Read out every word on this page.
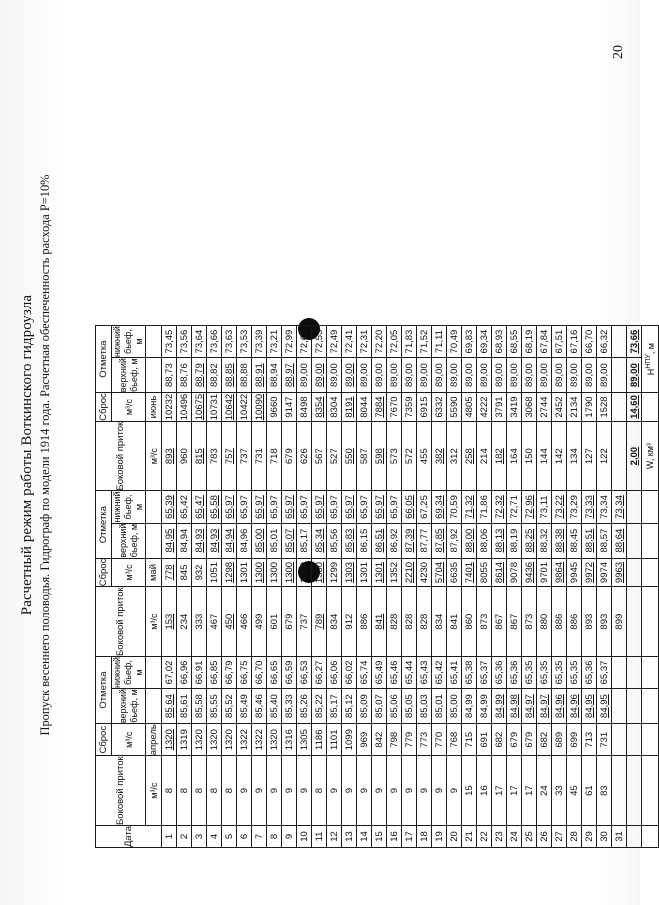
20
Расчетный режим работы Воткинского гидроузла Пропуск весеннего половодья. Гидрограф по модели 1914 года. Расчетная обеспеченность расхода P=10%
Дата	Боковой приток	Сброс	Отметка		Боковой приток	Сброс	Отметка		Боковой приток	Сброс	Отметка	
		м³/с	верхний бьеф, м	нижний бьеф, м		м³/с	верхний бьеф, м	нижний бьеф, м		м³/с	верхний бьеф, м	нижний бьеф, м
	м³/с	апрель			м³/с	май			м³/с	июнь		
1	8	1320	85,64	67,02	153	778	84,95	65,39	893	10232	88,73	73,45
2	8	1319	85,61	66,96	234	845	84,94	65,42	960	10496	88,76	73,56
3	8	1320	85,58	66,91	333	932	84,93	65,47	815	10675	88,79	73,64
4	8	1320	85,55	66,85	467	1051	84,93	65,58	783	10731	88,82	73,66
5	8	1320	85,52	66,79	450	1298	84,94	65,97	757	10642	88,85	73,63
6	9	1322	85,49	66,75	466	1301	84,96	65,97	737	10422	88,88	73,53
7	9	1322	85,46	66,70	499	1300	85,00	65,97	731	10090	88,91	73,39
8	9	1320	85,40	66,65	601	1300	85,01	65,97	718	9660	88,94	73,21
9	9	1316	85,33	66,59	679	1300	85,07	65,97	679	9147	88,97	72,99
10	9	1305	85,26	66,53	737	1300	85,17	65,97	626	8498	89,00	72,63
11	8	1186	85,22	66,27	789	1300	85,34	65,97	567	8354	89,00	72,53
12	9	1101	85,17	66,06	834	1299	85,56	65,97	527	8304	89,00	72,49
13	9	1099	85,12	66,02	912	1303	85,83	65,97	550	8191	89,00	72,41
14	9	969	85,09	65,74	886	1301	86,15	65,97	587	8044	89,00	72,31
15	9	842	85,07	65,49	841	1301	86,51	65,97	598	7884	89,00	72,20
16	9	798	85,06	65,46	828	1352	86,92	65,97	573	7670	89,00	72,05
17	9	779	85,05	65,44	828	2210	87,39	66,05	572	7359	89,00	71,83
18	9	773	85,03	65,43	828	4230	87,77	67,25	455	6915	89,00	71,52
19	9	770	85,01	65,42	834	5704	87,85	69,34	382	6332	89,00	71,11
20	9	768	85,00	65,41	841	6635	87,92	70,59	312	5590	89,00	70,49
21	15	715	84,99	65,38	860	7401	88,00	71,32	258	4805	89,00	69,83
22	16	691	84,99	65,37	873	8055	88,06	71,86	214	4222	89,00	69,34
23	17	682	84,99	65,36	867	8614	88,13	72,32	182	3791	89,00	68,93
24	17	679	84,98	65,36	867	9078	88,19	72,71	164	3419	89,00	68,55
25	17	679	84,97	65,35	873	9436	88,25	72,96	150	3068	89,00	68,19
26	24	682	84,97	65,35	880	9701	88,32	73,11	144	2744	89,00	67,84
27	33	689	84,96	65,35	886	9864	88,38	73,22	142	2452	89,00	67,51
28	45	699	84,96	65,35	886	9945	88,45	73,29	134	2134	89,00	67,16
29	61	713	84,95	65,36	893	9972	88,51	73,33	127	1790	89,00	66,70
30	83	731	84,95	65,37	893	9974	88,57	73,34	122	1528	89,00	66,32
31					899	9963	88,64	73,34				
									2,00	14,60	89,00	73,66
									W, км³		$H^{НПУ}$, м	
